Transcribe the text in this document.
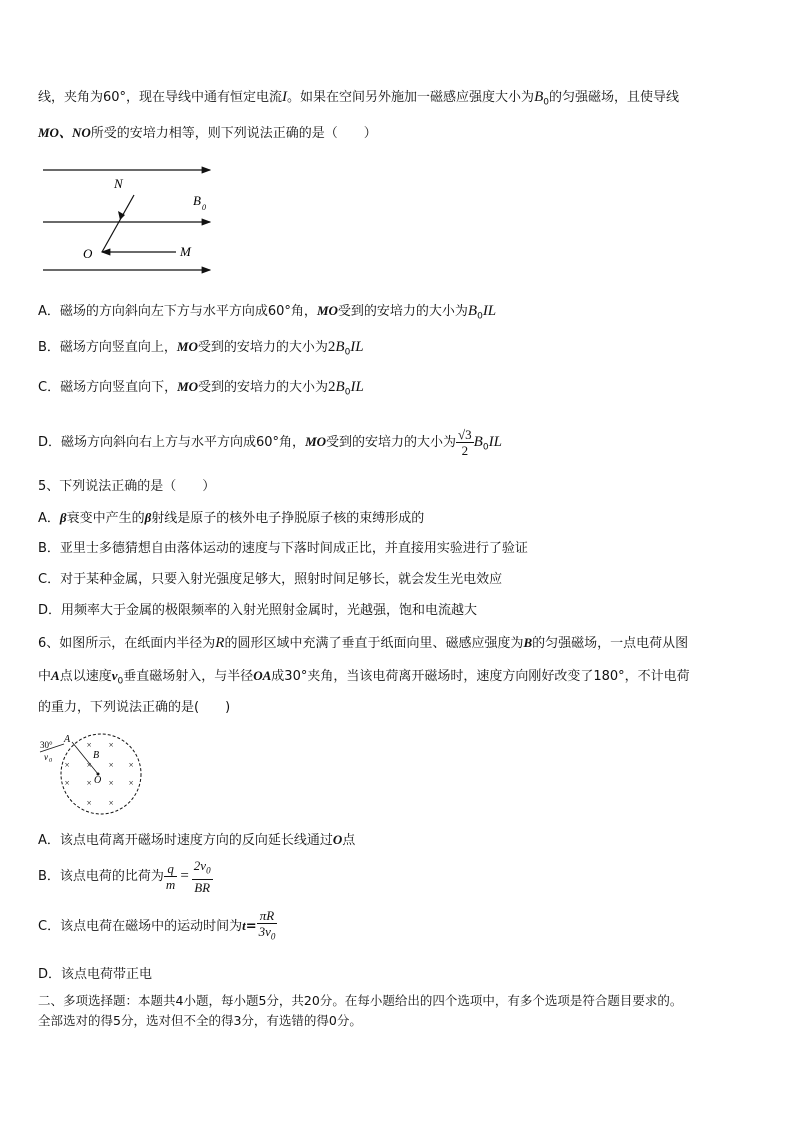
线，夹角为60°，现在导线中通有恒定电流I。如果在空间另外施加一磁感应强度大小为$B_0$的匀强磁场，且使导线
MO、NO所受的安培力相等，则下列说法正确的是（　　）
N
O	M
B 0
A．磁场的方向斜向左下方与水平方向成60°角，MO受到的安培力的大小为$B_0IL$
B．磁场方向竖直向上，MO受到的安培力的大小为$2B_0IL$
C．磁场方向竖直向下，MO受到的安培力的大小为$2B_0IL$
D．磁场方向斜向右上方与水平方向成60°角，MO受到的安培力的大小为 $\frac{√3}{2} B_0IL$
5、下列说法正确的是（　　）
A．β衰变中产生的β射线是原子的核外电子挣脱原子核的束缚形成的
B．亚里士多德猜想自由落体运动的速度与下落时间成正比，并直接用实验进行了验证
C．对于某种金属，只要入射光强度足够大，照射时间足够长，就会发生光电效应
D．用频率大于金属的极限频率的入射光照射金属时，光越强，饱和电流越大
6、如图所示，在纸面内半径为R的圆形区域中充满了垂直于纸面向里、磁感应强度为B的匀强磁场，一点电荷从图
中A点以速度$v_0$垂直磁场射入，与半径OA成30°夹角，当该电荷离开磁场时，速度方向刚好改变了180°，不计电荷
的重力，下列说法正确的是(　　)
30° A
B
O
v 0
× ×
× × × ×
× × × ×
× ×
A．该点电荷离开磁场时速度方向的反向延长线通过O点
B．该点电荷的比荷为 $\frac{q}{m} = \frac{2v_0}{BR}$
C．该点电荷在磁场中的运动时间为$t= \frac{\pi R}{3v_0}$
D．该点电荷带正电
二、多项选择题：本题共4小题，每小题5分，共20分。在每小题给出的四个选项中，有多个选项是符合题目要求的。
全部选对的得5分，选对但不全的得3分，有选错的得0分。
